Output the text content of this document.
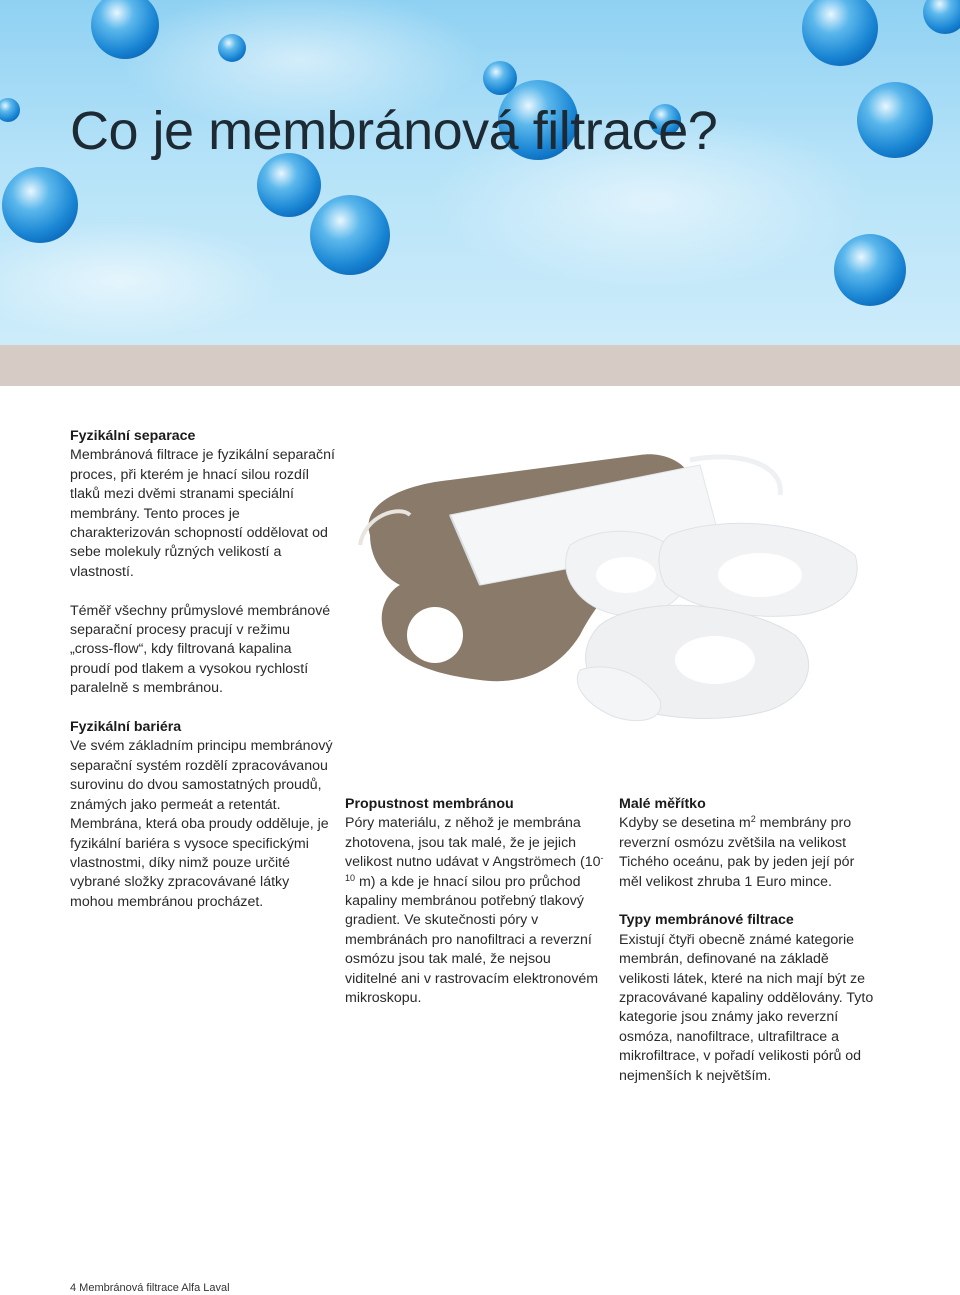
Co je membránová filtrace?
Fyzikální separace

Membránová filtrace je fyzikální separační proces, při kterém je hnací silou rozdíl tlaků mezi dvěmi stranami speciální membrány. Tento proces je charakterizován schopností oddělovat od sebe molekuly různých velikostí a vlastností.

Téměř všechny průmyslové membránové separační procesy pracují v režimu „cross-flow“, kdy filtrovaná kapalina proudí pod tlakem a vysokou rychlostí paralelně s membránou.

Fyzikální bariéra

Ve svém základním principu membránový separační systém rozdělí zpracovávanou surovinu do dvou samostatných proudů, známých jako permeát a retentát. Membrána, která oba proudy odděluje, je fyzikální bariéra s vysoce specifickými vlastnostmi, díky nimž pouze určité vybrané složky zpracovávané látky mohou membránou procházet.

Propustnost membránou

Póry materiálu, z něhož je membrána zhotovena, jsou tak malé, že je jejich velikost nutno udávat v Angströmech ($10^{-10}$ m) a kde je hnací silou pro průchod kapaliny membránou potřebný tlakový gradient. Ve skutečnosti póry v membránách pro nanofiltraci a reverzní osmózu jsou tak malé, že nejsou viditelné ani v rastrovacím elektronovém mikroskopu.

Malé měřítko

Kdyby se desetina $m^2$ membrány pro reverzní osmózu zvětšila na velikost Tichého oceánu, pak by jeden její pór měl velikost zhruba 1 Euro mince.

Typy membránové filtrace

Existují čtyři obecně známé kategorie membrán, definované na základě velikosti látek, které na nich mají být ze zpracovávané kapaliny oddělovány. Tyto kategorie jsou známy jako reverzní osmóza, nanofiltrace, ultrafiltrace a mikrofiltrace, v pořadí velikosti pórů od nejmenších k největším.

4 Membránová filtrace Alfa Laval
